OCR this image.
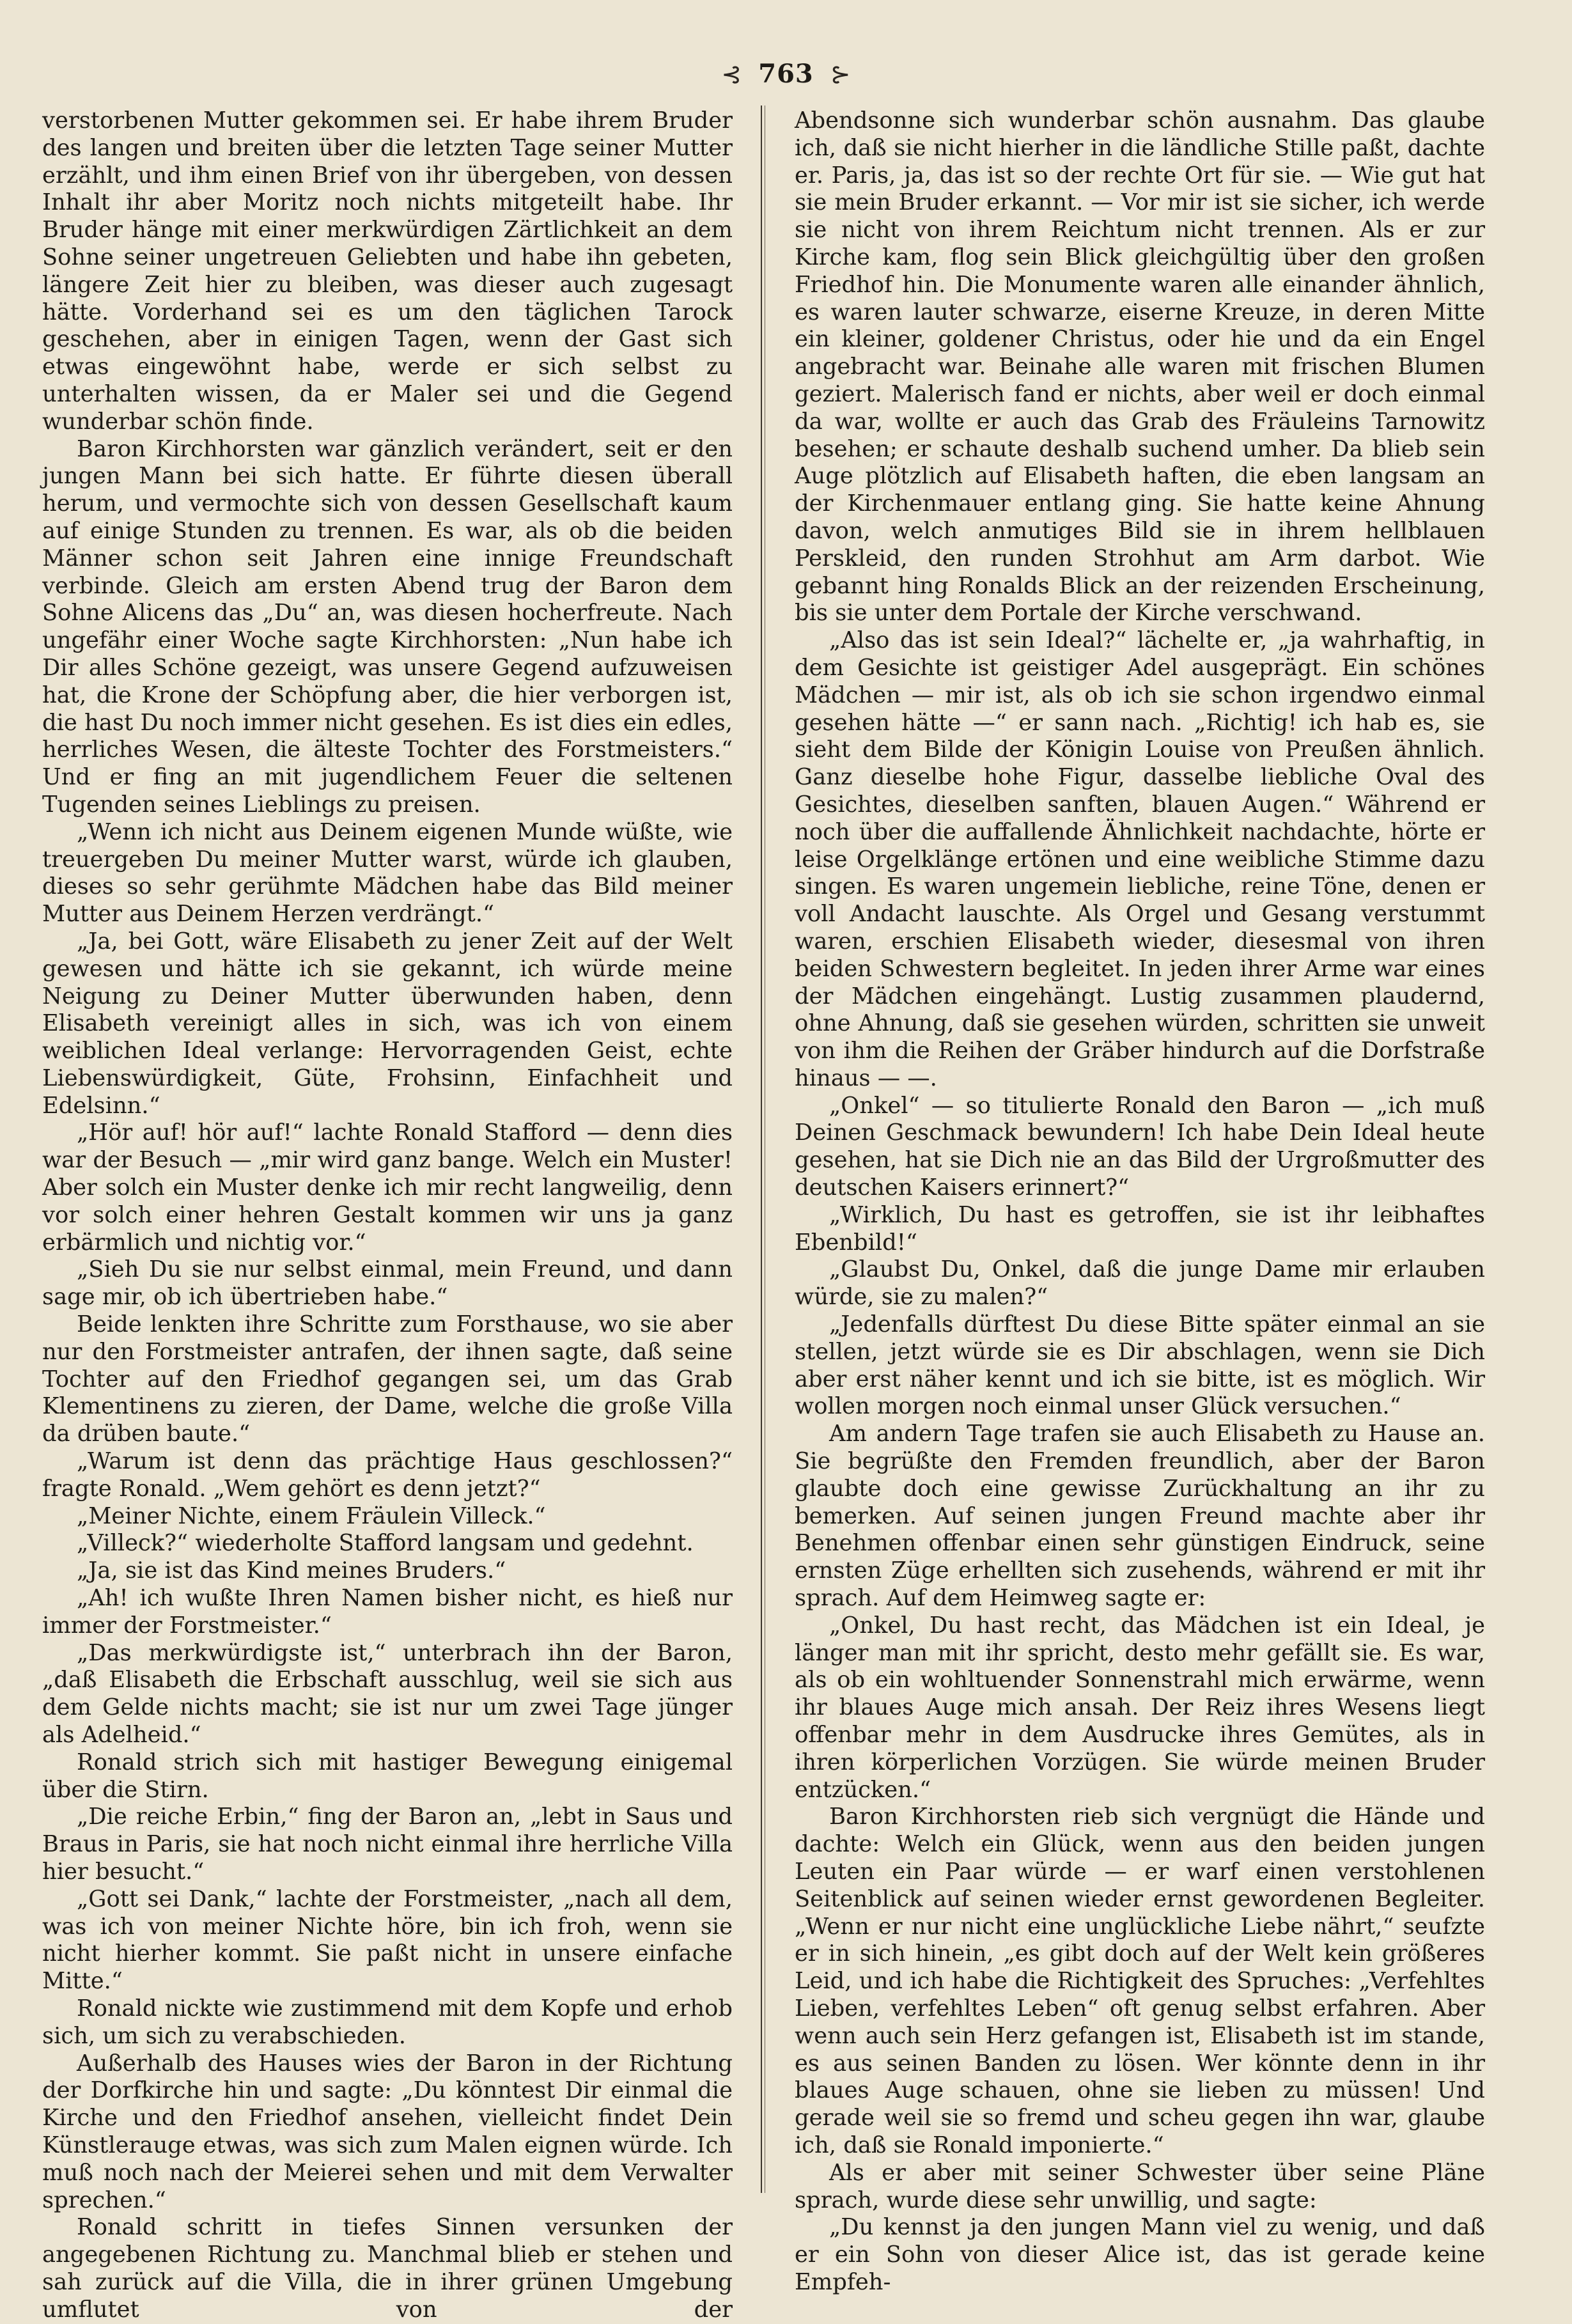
⊰ 763 ⊱

verstorbenen Mutter gekommen sei. Er habe ihrem Bruder des langen und breiten über die letzten Tage seiner Mutter erzählt, und ihm einen Brief von ihr übergeben, von dessen Inhalt ihr aber Moritz noch nichts mitgeteilt habe. Ihr Bruder hänge mit einer merkwürdigen Zärtlichkeit an dem Sohne seiner ungetreuen Geliebten und habe ihn gebeten, längere Zeit hier zu bleiben, was dieser auch zugesagt hätte. Vorderhand sei es um den täglichen Tarock geschehen, aber in einigen Tagen, wenn der Gast sich etwas eingewöhnt habe, werde er sich selbst zu unterhalten wissen, da er Maler sei und die Gegend wunderbar schön finde.

Baron Kirchhorsten war gänzlich verändert, seit er den jungen Mann bei sich hatte. Er führte diesen überall herum, und vermochte sich von dessen Gesellschaft kaum auf einige Stunden zu trennen. Es war, als ob die beiden Männer schon seit Jahren eine innige Freundschaft verbinde. Gleich am ersten Abend trug der Baron dem Sohne Alicens das „Du“ an, was diesen hocherfreute. Nach ungefähr einer Woche sagte Kirchhorsten: „Nun habe ich Dir alles Schöne gezeigt, was unsere Gegend aufzuweisen hat, die Krone der Schöpfung aber, die hier verborgen ist, die hast Du noch immer nicht gesehen. Es ist dies ein edles, herrliches Wesen, die älteste Tochter des Forstmeisters.“ Und er fing an mit jugendlichem Feuer die seltenen Tugenden seines Lieblings zu preisen.

„Wenn ich nicht aus Deinem eigenen Munde wüßte, wie treuergeben Du meiner Mutter warst, würde ich glauben, dieses so sehr gerühmte Mädchen habe das Bild meiner Mutter aus Deinem Herzen verdrängt.“

„Ja, bei Gott, wäre Elisabeth zu jener Zeit auf der Welt gewesen und hätte ich sie gekannt, ich würde meine Neigung zu Deiner Mutter überwunden haben, denn Elisabeth vereinigt alles in sich, was ich von einem weiblichen Ideal verlange: Hervorragenden Geist, echte Liebenswürdigkeit, Güte, Frohsinn, Einfachheit und Edelsinn.“

„Hör auf! hör auf!“ lachte Ronald Stafford — denn dies war der Besuch — „mir wird ganz bange. Welch ein Muster! Aber solch ein Muster denke ich mir recht langweilig, denn vor solch einer hehren Gestalt kommen wir uns ja ganz erbärmlich und nichtig vor.“

„Sieh Du sie nur selbst einmal, mein Freund, und dann sage mir, ob ich übertrieben habe.“

Beide lenkten ihre Schritte zum Forsthause, wo sie aber nur den Forstmeister antrafen, der ihnen sagte, daß seine Tochter auf den Friedhof gegangen sei, um das Grab Klementinens zu zieren, der Dame, welche die große Villa da drüben baute.“

„Warum ist denn das prächtige Haus geschlossen?“ fragte Ronald. „Wem gehört es denn jetzt?“

„Meiner Nichte, einem Fräulein Villeck.“

„Villeck?“ wiederholte Stafford langsam und gedehnt.

„Ja, sie ist das Kind meines Bruders.“

„Ah! ich wußte Ihren Namen bisher nicht, es hieß nur immer der Forstmeister.“

„Das merkwürdigste ist,“ unterbrach ihn der Baron, „daß Elisabeth die Erbschaft ausschlug, weil sie sich aus dem Gelde nichts macht; sie ist nur um zwei Tage jünger als Adelheid.“

Ronald strich sich mit hastiger Bewegung einigemal über die Stirn.

„Die reiche Erbin,“ fing der Baron an, „lebt in Saus und Braus in Paris, sie hat noch nicht einmal ihre herrliche Villa hier besucht.“

„Gott sei Dank,“ lachte der Forstmeister, „nach all dem, was ich von meiner Nichte höre, bin ich froh, wenn sie nicht hierher kommt. Sie paßt nicht in unsere einfache Mitte.“

Ronald nickte wie zustimmend mit dem Kopfe und erhob sich, um sich zu verabschieden.

Außerhalb des Hauses wies der Baron in der Richtung der Dorfkirche hin und sagte: „Du könntest Dir einmal die Kirche und den Friedhof ansehen, vielleicht findet Dein Künstlerauge etwas, was sich zum Malen eignen würde. Ich muß noch nach der Meierei sehen und mit dem Verwalter sprechen.“

Ronald schritt in tiefes Sinnen versunken der angegebenen Richtung zu. Manchmal blieb er stehen und sah zurück auf die Villa, die in ihrer grünen Umgebung umflutet von der

Abendsonne sich wunderbar schön ausnahm. Das glaube ich, daß sie nicht hierher in die ländliche Stille paßt, dachte er. Paris, ja, das ist so der rechte Ort für sie. — Wie gut hat sie mein Bruder erkannt. — Vor mir ist sie sicher, ich werde sie nicht von ihrem Reichtum nicht trennen. Als er zur Kirche kam, flog sein Blick gleichgültig über den großen Friedhof hin. Die Monumente waren alle einander ähnlich, es waren lauter schwarze, eiserne Kreuze, in deren Mitte ein kleiner, goldener Christus, oder hie und da ein Engel angebracht war. Beinahe alle waren mit frischen Blumen geziert. Malerisch fand er nichts, aber weil er doch einmal da war, wollte er auch das Grab des Fräuleins Tarnowitz besehen; er schaute deshalb suchend umher. Da blieb sein Auge plötzlich auf Elisabeth haften, die eben langsam an der Kirchenmauer entlang ging. Sie hatte keine Ahnung davon, welch anmutiges Bild sie in ihrem hellblauen Perskleid, den runden Strohhut am Arm darbot. Wie gebannt hing Ronalds Blick an der reizenden Erscheinung, bis sie unter dem Portale der Kirche verschwand.

„Also das ist sein Ideal?“ lächelte er, „ja wahrhaftig, in dem Gesichte ist geistiger Adel ausgeprägt. Ein schönes Mädchen — mir ist, als ob ich sie schon irgendwo einmal gesehen hätte —“ er sann nach. „Richtig! ich hab es, sie sieht dem Bilde der Königin Louise von Preußen ähnlich. Ganz dieselbe hohe Figur, dasselbe liebliche Oval des Gesichtes, dieselben sanften, blauen Augen.“ Während er noch über die auffallende Ähnlichkeit nachdachte, hörte er leise Orgelklänge ertönen und eine weibliche Stimme dazu singen. Es waren ungemein liebliche, reine Töne, denen er voll Andacht lauschte. Als Orgel und Gesang verstummt waren, erschien Elisabeth wieder, diesesmal von ihren beiden Schwestern begleitet. In jeden ihrer Arme war eines der Mädchen eingehängt. Lustig zusammen plaudernd, ohne Ahnung, daß sie gesehen würden, schritten sie unweit von ihm die Reihen der Gräber hindurch auf die Dorfstraße hinaus — —.

„Onkel“ — so titulierte Ronald den Baron — „ich muß Deinen Geschmack bewundern! Ich habe Dein Ideal heute gesehen, hat sie Dich nie an das Bild der Urgroßmutter des deutschen Kaisers erinnert?“

„Wirklich, Du hast es getroffen, sie ist ihr leibhaftes Ebenbild!“

„Glaubst Du, Onkel, daß die junge Dame mir erlauben würde, sie zu malen?“

„Jedenfalls dürftest Du diese Bitte später einmal an sie stellen, jetzt würde sie es Dir abschlagen, wenn sie Dich aber erst näher kennt und ich sie bitte, ist es möglich. Wir wollen morgen noch einmal unser Glück versuchen.“

Am andern Tage trafen sie auch Elisabeth zu Hause an. Sie begrüßte den Fremden freundlich, aber der Baron glaubte doch eine gewisse Zurückhaltung an ihr zu bemerken. Auf seinen jungen Freund machte aber ihr Benehmen offenbar einen sehr günstigen Eindruck, seine ernsten Züge erhellten sich zusehends, während er mit ihr sprach. Auf dem Heimweg sagte er:

„Onkel, Du hast recht, das Mädchen ist ein Ideal, je länger man mit ihr spricht, desto mehr gefällt sie. Es war, als ob ein wohltuender Sonnenstrahl mich erwärme, wenn ihr blaues Auge mich ansah. Der Reiz ihres Wesens liegt offenbar mehr in dem Ausdrucke ihres Gemütes, als in ihren körperlichen Vorzügen. Sie würde meinen Bruder entzücken.“

Baron Kirchhorsten rieb sich vergnügt die Hände und dachte: Welch ein Glück, wenn aus den beiden jungen Leuten ein Paar würde — er warf einen verstohlenen Seitenblick auf seinen wieder ernst gewordenen Begleiter. „Wenn er nur nicht eine unglückliche Liebe nährt,“ seufzte er in sich hinein, „es gibt doch auf der Welt kein größeres Leid, und ich habe die Richtigkeit des Spruches: „Verfehltes Lieben, verfehltes Leben“ oft genug selbst erfahren. Aber wenn auch sein Herz gefangen ist, Elisabeth ist im stande, es aus seinen Banden zu lösen. Wer könnte denn in ihr blaues Auge schauen, ohne sie lieben zu müssen! Und gerade weil sie so fremd und scheu gegen ihn war, glaube ich, daß sie Ronald imponierte.“

Als er aber mit seiner Schwester über seine Pläne sprach, wurde diese sehr unwillig, und sagte:

„Du kennst ja den jungen Mann viel zu wenig, und daß er ein Sohn von dieser Alice ist, das ist gerade keine Empfeh-
